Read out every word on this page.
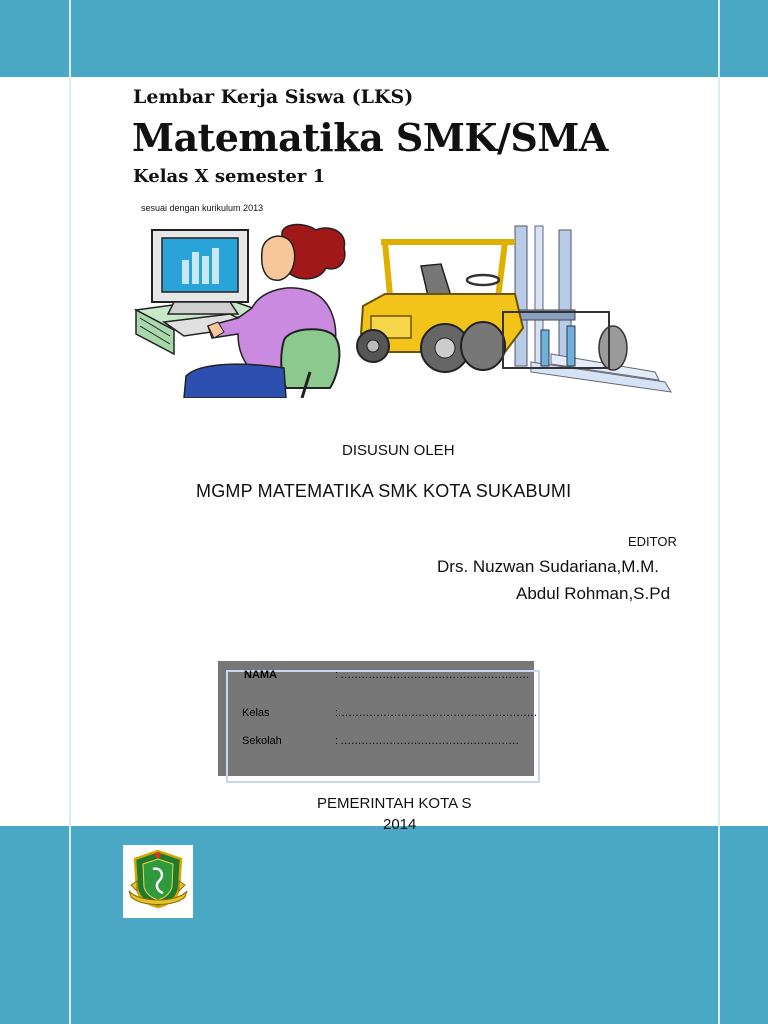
Lembar Kerja Siswa (LKS)
Matematika SMK/SMA
Kelas X semester 1
sesuai dengan kurikulum 2013
DISUSUN OLEH
MGMP MATEMATIKA SMK KOTA SUKABUMI
EDITOR
Drs. Nuzwan Sudariana,M.M.
Abdul Rohman,S.Pd
NAMA	: ………………………………………………
Kelas	:…………………………………………………
Sekolah	: ……………………………………………
PEMERINTAH KOTA S
2014
